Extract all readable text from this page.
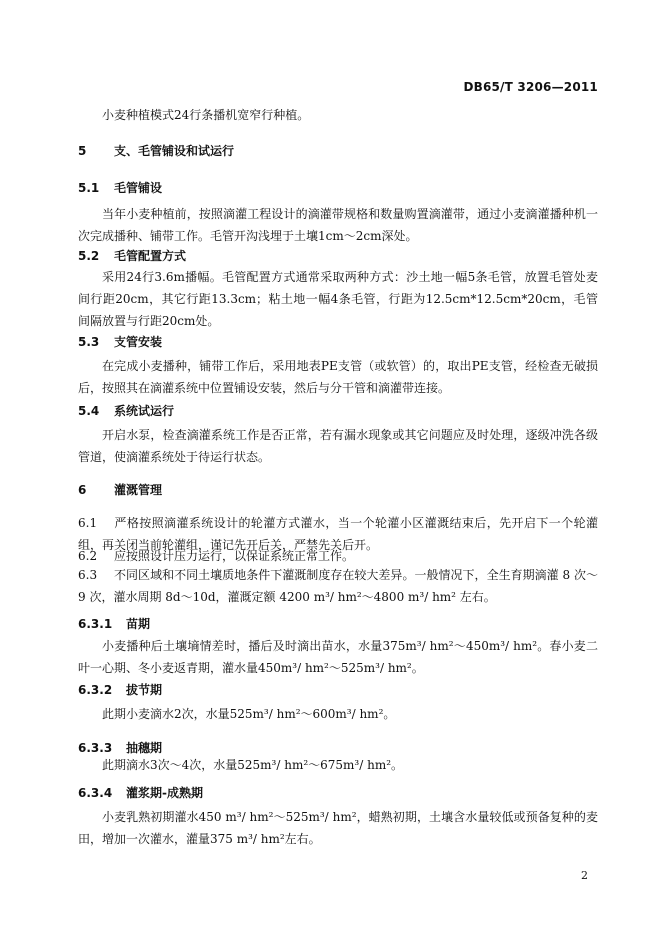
DB65/T 3206—2011
小麦种植模式24行条播机宽窄行种植。
5 支、毛管铺设和试运行
5.1 毛管铺设
当年小麦种植前，按照滴灌工程设计的滴灌带规格和数量购置滴灌带，通过小麦滴灌播种机一次完成播种、铺带工作。毛管开沟浅埋于土壤1cm～2cm深处。
5.2 毛管配置方式
采用24行3.6m播幅。毛管配置方式通常采取两种方式：沙土地一幅5条毛管，放置毛管处麦间行距20cm，其它行距13.3cm；粘土地一幅4条毛管，行距为12.5cm*12.5cm*20cm，毛管间隔放置与行距20cm处。
5.3 支管安装
在完成小麦播种，铺带工作后，采用地表PE支管（或软管）的，取出PE支管，经检查无破损后，按照其在滴灌系统中位置铺设安装，然后与分干管和滴灌带连接。
5.4 系统试运行
开启水泵，检查滴灌系统工作是否正常，若有漏水现象或其它问题应及时处理，逐级冲洗各级管道，使滴灌系统处于待运行状态。
6 灌溉管理
6.1 严格按照滴灌系统设计的轮灌方式灌水，当一个轮灌小区灌溉结束后，先开启下一个轮灌组，再关闭当前轮灌组，谨记先开后关，严禁先关后开。
6.2 应按照设计压力运行，以保证系统正常工作。
6.3 不同区域和不同土壤质地条件下灌溉制度存在较大差异。一般情况下，全生育期滴灌 8 次～9 次，灌水周期 8d～10d，灌溉定额 4200 m³/ hm²～4800 m³/ hm² 左右。
6.3.1 苗期
小麦播种后土壤墒情差时，播后及时滴出苗水，水量375m³/ hm²～450m³/ hm²。春小麦二叶一心期、冬小麦返青期，灌水量450m³/ hm²～525m³/ hm²。
6.3.2 拔节期
此期小麦滴水2次，水量525m³/ hm²～600m³/ hm²。
6.3.3 抽穗期
此期滴水3次～4次，水量525m³/ hm²～675m³/ hm²。
6.3.4 灌浆期-成熟期
小麦乳熟初期灌水450 m³/ hm²～525m³/ hm²，蜡熟初期，土壤含水量较低或预备复种的麦田，增加一次灌水，灌量375 m³/ hm²左右。
2
